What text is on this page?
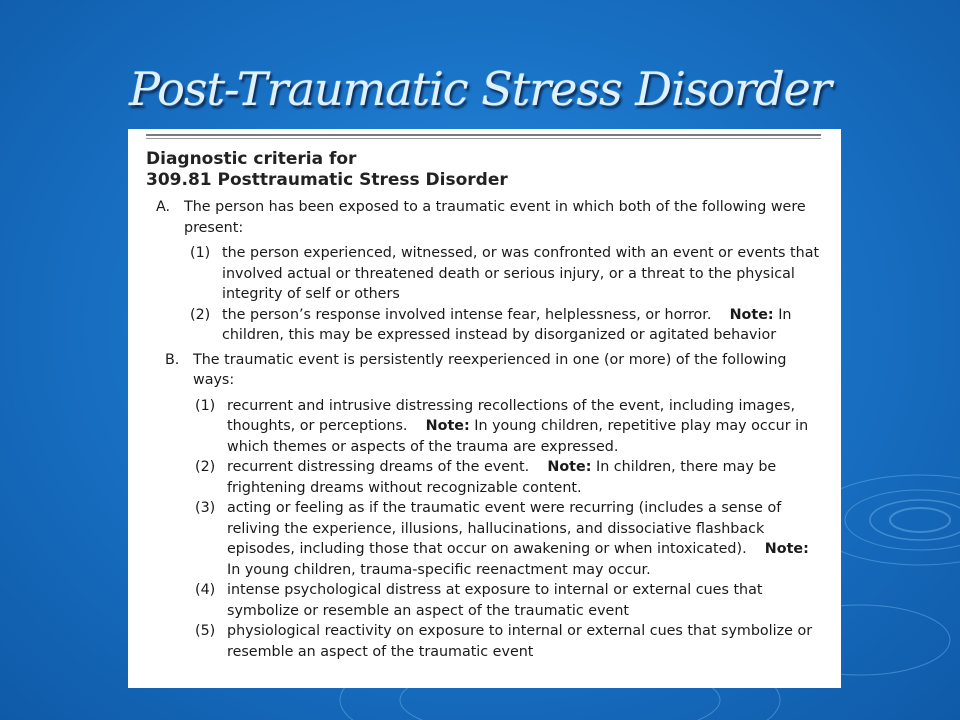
Post-Traumatic Stress Disorder
Diagnostic criteria for
309.81 Posttraumatic Stress Disorder
A. The person has been exposed to a traumatic event in which both of the following were present:
(1) the person experienced, witnessed, or was confronted with an event or events that involved actual or threatened death or serious injury, or a threat to the physical integrity of self or others
(2) the person’s response involved intense fear, helplessness, or horror. Note: In children, this may be expressed instead by disorganized or agitated behavior
B. The traumatic event is persistently reexperienced in one (or more) of the following ways:
(1) recurrent and intrusive distressing recollections of the event, including images, thoughts, or perceptions. Note: In young children, repetitive play may occur in which themes or aspects of the trauma are expressed.
(2) recurrent distressing dreams of the event. Note: In children, there may be frightening dreams without recognizable content.
(3) acting or feeling as if the traumatic event were recurring (includes a sense of reliving the experience, illusions, hallucinations, and dissociative flashback episodes, including those that occur on awakening or when intoxicated). Note: In young children, trauma-specific reenactment may occur.
(4) intense psychological distress at exposure to internal or external cues that symbolize or resemble an aspect of the traumatic event
(5) physiological reactivity on exposure to internal or external cues that symbolize or resemble an aspect of the traumatic event
